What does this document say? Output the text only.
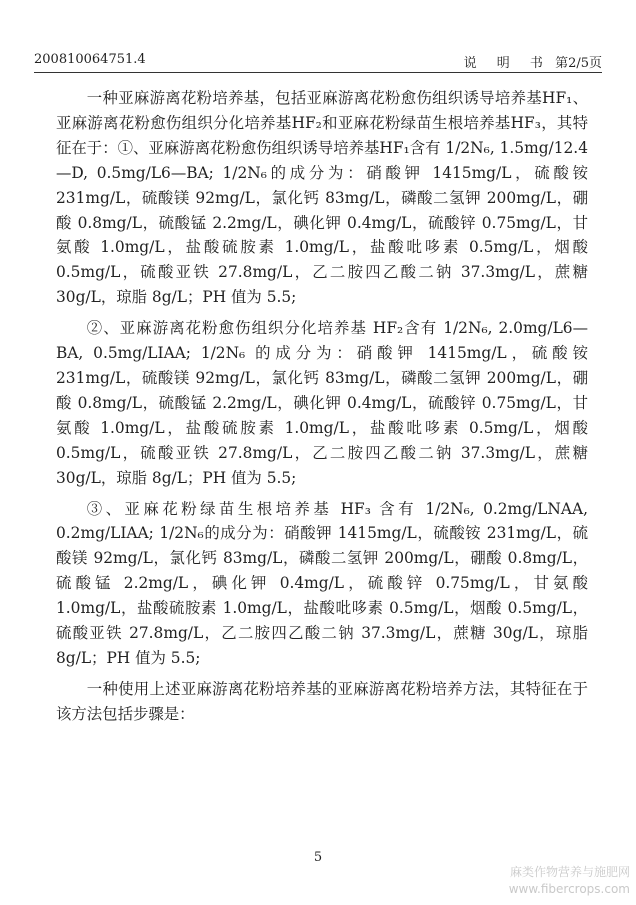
200810064751.4	说 明 书 第2/5页

一种亚麻游离花粉培养基，包括亚麻游离花粉愈伤组织诱导培养基HF₁、亚麻游离花粉愈伤组织分化培养基HF₂和亚麻花粉绿苗生根培养基HF₃，其特征在于：①、亚麻游离花粉愈伤组织诱导培养基HF₁含有 1/2N₆, 1.5mg/12.4—D, 0.5mg/L6—BA; 1/2N₆的成分为：硝酸钾 1415mg/L，硫酸铵 231mg/L，硫酸镁 92mg/L，氯化钙 83mg/L，磷酸二氢钾 200mg/L，硼酸 0.8mg/L，硫酸锰 2.2mg/L，碘化钾 0.4mg/L，硫酸锌 0.75mg/L，甘氨酸 1.0mg/L，盐酸硫胺素 1.0mg/L，盐酸吡哆素 0.5mg/L，烟酸 0.5mg/L，硫酸亚铁 27.8mg/L，乙二胺四乙酸二钠 37.3mg/L，蔗糖 30g/L，琼脂 8g/L；PH 值为 5.5;

②、亚麻游离花粉愈伤组织分化培养基 HF₂含有 1/2N₆, 2.0mg/L6—BA, 0.5mg/LIAA; 1/2N₆ 的成分为：硝酸钾 1415mg/L，硫酸铵 231mg/L，硫酸镁 92mg/L，氯化钙 83mg/L，磷酸二氢钾 200mg/L，硼酸 0.8mg/L，硫酸锰 2.2mg/L，碘化钾 0.4mg/L，硫酸锌 0.75mg/L，甘氨酸 1.0mg/L，盐酸硫胺素 1.0mg/L，盐酸吡哆素 0.5mg/L，烟酸 0.5mg/L，硫酸亚铁 27.8mg/L，乙二胺四乙酸二钠 37.3mg/L，蔗糖 30g/L，琼脂 8g/L；PH 值为 5.5;

③、亚麻花粉绿苗生根培养基 HF₃ 含有 1/2N₆, 0.2mg/LNAA, 0.2mg/LIAA; 1/2N₆的成分为：硝酸钾 1415mg/L，硫酸铵 231mg/L，硫酸镁 92mg/L，氯化钙 83mg/L，磷酸二氢钾 200mg/L，硼酸 0.8mg/L，硫酸锰 2.2mg/L，碘化钾 0.4mg/L，硫酸锌 0.75mg/L，甘氨酸 1.0mg/L，盐酸硫胺素 1.0mg/L，盐酸吡哆素 0.5mg/L，烟酸 0.5mg/L，硫酸亚铁 27.8mg/L，乙二胺四乙酸二钠 37.3mg/L，蔗糖 30g/L，琼脂 8g/L；PH 值为 5.5;

一种使用上述亚麻游离花粉培养基的亚麻游离花粉培养方法，其特征在于该方法包括步骤是：

5
麻类作物营养与施肥网
www.fibercrops.com
